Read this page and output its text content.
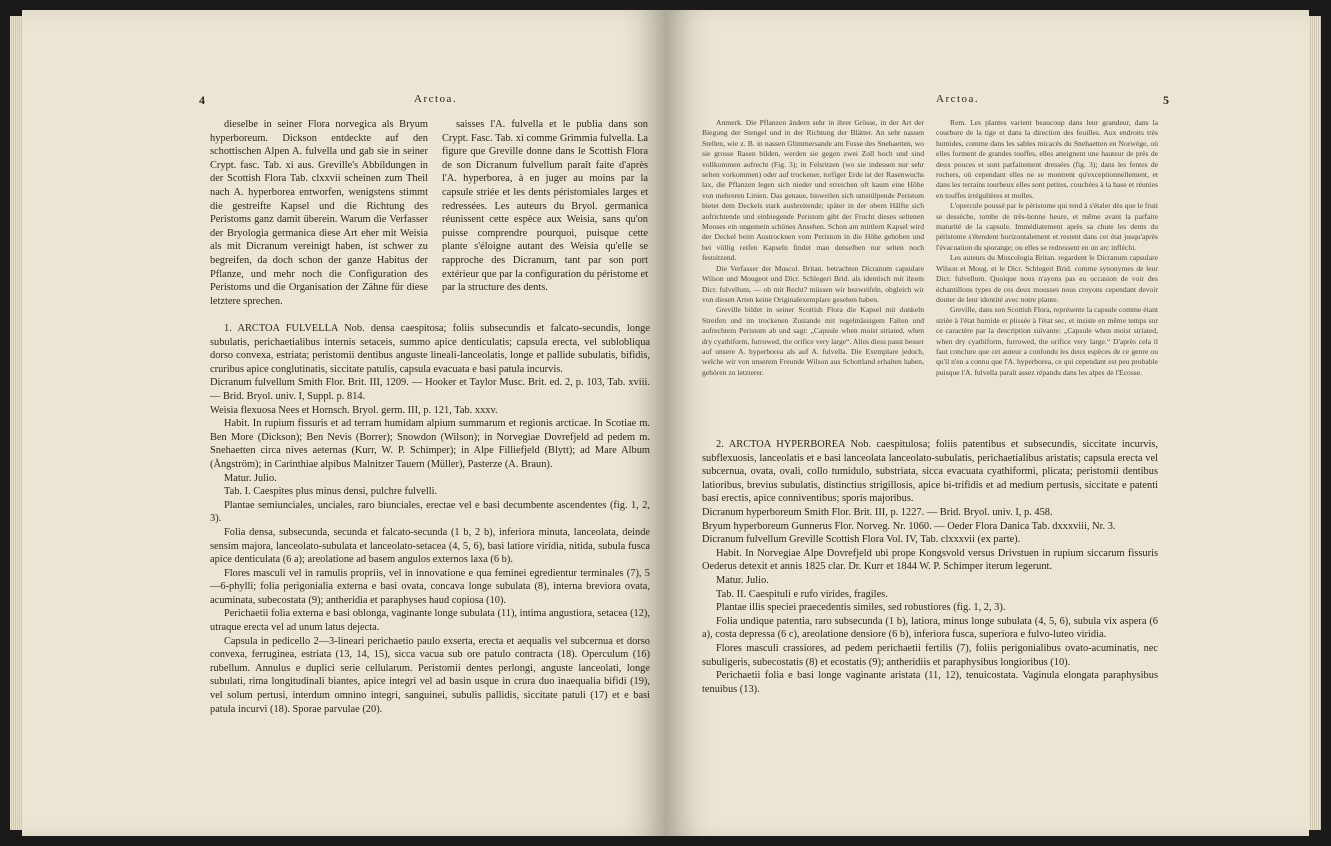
4	Arctoa.

dieselbe in seiner Flora norvegica als Bryum hyperboreum. Dickson entdeckte auf den schottischen Alpen A. fulvella und gab sie in seiner Crypt. fasc. Tab. xi aus. Greville's Abbildungen in der Scottish Flora Tab. clxxvii scheinen zum Theil nach A. hyperborea entworfen, wenigstens stimmt die gestreifte Kapsel und die Richtung des Peristoms ganz damit überein. Warum die Verfasser der Bryologia germanica diese Art eher mit Weisia als mit Dicranum vereinigt haben, ist schwer zu begreifen, da doch schon der ganze Habitus der Pflanze, und mehr noch die Configuration des Peristoms und die Organisation der Zähne für diese letztere sprechen.

saisses l'A. fulvella et le publia dans son Crypt. Fasc. Tab. xi comme Grimmia fulvella. La figure que Greville donne dans le Scottish Flora de son Dicranum fulvellum paraît faite d'après l'A. hyperborea, à en juger au moins par la capsule striée et les dents péristomiales larges et redressées. Les auteurs du Bryol. germanica réunissent cette espèce aux Weisia, sans qu'on puisse comprendre pourquoi, puisque cette plante s'éloigne autant des Weisia qu'elle se rapproche des Dicranum, tant par son port extérieur que par la configuration du péristome et par la structure des dents.

1. ARCTOA FULVELLA Nob. densa caespitosa; foliis subsecundis et falcato-secundis, longe subulatis, perichaetialibus internis setaceis, summo apice denticulatis; capsula erecta, vel sublobliqua dorso convexa, estriata; peristomii dentibus anguste lineali-lanceolatis, longe et pallide subulatis, bifidis, cruribus apice conglutinatis, siccitate patulis, capsula evacuata e basi patula incurvis.

Dicranum fulvellum Smith Flor. Brit. III, 1209. — Hooker et Taylor Musc. Brit. ed. 2, p. 103, Tab. xviii. — Brid. Bryol. univ. I, Suppl. p. 814.

Weisia flexuosa Nees et Hornsch. Bryol. germ. III, p. 121, Tab. xxxv.

Habit. In rupium fissuris et ad terram humidam alpium summarum et regionis arcticae. In Scotiae m. Ben More (Dickson); Ben Nevis (Borrer); Snowdon (Wilson); in Norvegiae Dovrefjeld ad pedem m. Snehaetten circa nives aeternas (Kurr, W. P. Schimper); in Alpe Filliefjeld (Blytt); ad Mare Album (Ångström); in Carinthiae alpibus Malnitzer Tauern (Müller), Pasterze (A. Braun).

Matur. Julio.

Tab. I. Caespites plus minus densi, pulchre fulvelli.

Plantae semiunciales, unciales, raro biunciales, erectae vel e basi decumbente ascendentes (fig. 1, 2, 3).

Folia densa, subsecunda, secunda et falcato-secunda (1 b, 2 b), inferiora minuta, lanceolata, deinde sensim majora, lanceolato-subulata et lanceolato-setacea (4, 5, 6), basi latiore viridia, nitida, subula fusca apice denticulata (6 a); areolatione ad basem angulos externos laxa (6 b).

Flores masculi vel in ramulis propriis, vel in innovatione e qua feminei egredientur terminales (7), 5—6-phylli; folia perigonialia externa e basi ovata, concava longe subulata (8), interna breviora ovata, acuminata, subecostata (9); antheridia et paraphyses haud copiosa (10).

Perichaetii folia externa e basi oblonga, vaginante longe subulata (11), intima angustiora, setacea (12), utraque erecta vel ad unum latus dejecta.

Capsula in pedicello 2—3-lineari perichaetio paulo exserta, erecta et aequalis vel subcernua et dorso convexa, ferruginea, estriata (13, 14, 15), sicca vacua sub ore patulo contracta (18). Operculum (16) rubellum. Annulus e duplici serie cellularum. Peristomii dentes perlongi, anguste lanceolati, longe subulati, rima longitudinali biantes, apice integri vel ad basin usque in crura duo inaequalia bifidi (19), vel solum pertusi, interdum omnino integri, sanguinei, subulis pallidis, siccitate patuli (17) et e basi patula incurvi (18). Sporae parvulae (20).

Arctoa.	5

Anmerk. Die Pflanzen ändern sehr in ihrer Grösse, in der Art der Biegung der Stengel und in der Richtung der Blätter. An sehr nassen Stellen, wie z. B. in nassen Glimmersande am Fusse des Snehaetten, wo sie grosse Rasen bilden, werden sie gegen zwei Zoll hoch und sind vollkommen aufrecht (Fig. 3); in Felsritzen (wo sie indessen nur sehr selten vorkommen) oder auf trockener, torfiger Erde ist der Rasenwuchs lax, die Pflanzen legen sich nieder und erreichen oft kaum eine Höhe von mehreren Linien. Das genaue, bisweilen sich umstülpende Peristom bietet dem Deckels stark ausbreitende; später in der obern Hälfte sich aufrichtende und einbiegende Peristom gibt der Frucht dieses seltenen Mooses ein ungemein schönes Ansehen. Schon am mittlern Kapsel wird der Deckel beim Austrocknen vom Peristom in die Höhe gehoben und bei völlig reifen Kapseln findet man denselben nur selten noch festsitzend.

Die Verfasser der Muscol. Britan. betrachten Dicranum capsulare Wilson und Mougeot und Dicr. Schlegeri Brid. als identisch mit ihrem Dicr. fulvellum, — ob mit Recht? müssen wir bezweifeln, obgleich wir von diesen Arten keine Originalexemplare gesehen haben.

Greville bildet in seiner Scottish Flora die Kapsel mit dunkeln Streifen und im trockenen Zustande mit regelmässigem Falten und aufrechtem Peristom ab und sagt: „Capsule when moist striated, when dry cyathiform, furrowed, the orifice very large“. Alles diess passt besser auf unsere A. hyperborea als auf A. fulvella. Die Exemplare jedoch, welche wir von unserem Freunde Wilson aus Schottland erhalten haben, gehören zu letzterer.

Rem. Les plantes varient beaucoup dans leur grandeur, dans la courbure de la tige et dans la direction des feuilles. Aux endroits très humides, comme dans les sables micacés du Snehaetten en Norwège, où elles forment de grandes touffes, elles atteignent une hauteur de près de deux pouces et sont parfaitement dressées (fig. 3); dans les fentes de rochers, où cependant elles ne se montrent qu'exceptionnellement, et dans les terrains tourbeux elles sont petites, couchées à la base et réunies en touffes irrégulières et molles.

L'opercule poussé par le péristome qui tend à s'étaler dès que le fruit se dessèche, tombe de très-bonne heure, et même avant la parfaite maturité de la capsule. Immédiatement après sa chute les dents du péristome s'étendent horizontalement et restent dans cet état jusqu'après l'évacuation du sporange; ou elles se redressent en un arc infléchi.

Les auteurs du Muscologia Britan. regardent le Dicranum capsulare Wilson et Moug. et le Dicr. Schlegeri Brid. comme synonymes de leur Dicr. fulvellum. Quoique nous n'ayons pas eu occasion de voir des échantillons types de ces deux mousses nous croyons cependant devoir douter de leur identité avec notre plante.

Greville, dans son Scottish Flora, représente la capsule comme étant striée à l'état humide et plissée à l'état sec, et insiste en même temps sur ce caractère par la description suivante: „Capsule when moist striated, when dry cyathiform, furrowed, the orifice very large.“ D'après cela il faut conclure que cet auteur a confondu les deux espèces de ce genre ou qu'il n'en a connu que l'A. hyperborea, ce qui cependant est peu probable puisque l'A. fulvella paraît assez répandu dans les alpes de l'Ecosse.

2. ARCTOA HYPERBOREA Nob. caespitulosa; foliis patentibus et subsecundis, siccitate incurvis, subflexuosis, lanceolatis et e basi lanceolata lanceolato-subulatis, perichaetialibus aristatis; capsula erecta vel subcernua, ovata, ovali, collo tumidulo, substriata, sicca evacuata cyathiformi, plicata; peristomii dentibus latioribus, brevius subulatis, distinctius strigillosis, apice bi-trifidis et ad medium pertusis, siccitate e patenti basi erectis, apice conniventibus; sporis majoribus.

Dicranum hyperboreum Smith Flor. Brit. III, p. 1227. — Brid. Bryol. univ. I, p. 458.

Bryum hyperboreum Gunnerus Flor. Norveg. Nr. 1060. — Oeder Flora Danica Tab. dxxxviii, Nr. 3.

Dicranum fulvellum Greville Scottish Flora Vol. IV, Tab. clxxxvii (ex parte).

Habit. In Norvegiae Alpe Dovrefjeld ubi prope Kongsvold versus Drivstuen in rupium siccarum fissuris Oederus detexit et annis 1825 clar. Dr. Kurr et 1844 W. P. Schimper iterum legerunt.

Matur. Julio.

Tab. II. Caespituli e rufo virides, fragiles.

Plantae illis speciei praecedentis similes, sed robustiores (fig. 1, 2, 3).

Folia undique patentia, raro subsecunda (1 b), latiora, minus longe subulata (4, 5, 6), subula vix aspera (6 a), costa depressa (6 c), areolatione densiore (6 b), inferiora fusca, superiora e fulvo-luteo viridia.

Flores masculi crassiores, ad pedem perichaetii fertilis (7), foliis perigonialibus ovato-acuminatis, nec subuligeris, subecostatis (8) et ecostatis (9); antheridiis et paraphysibus longioribus (10).

Perichaetii folia e basi longe vaginante aristata (11, 12), tenuicostata. Vaginula elongata paraphysibus tenuibus (13).
